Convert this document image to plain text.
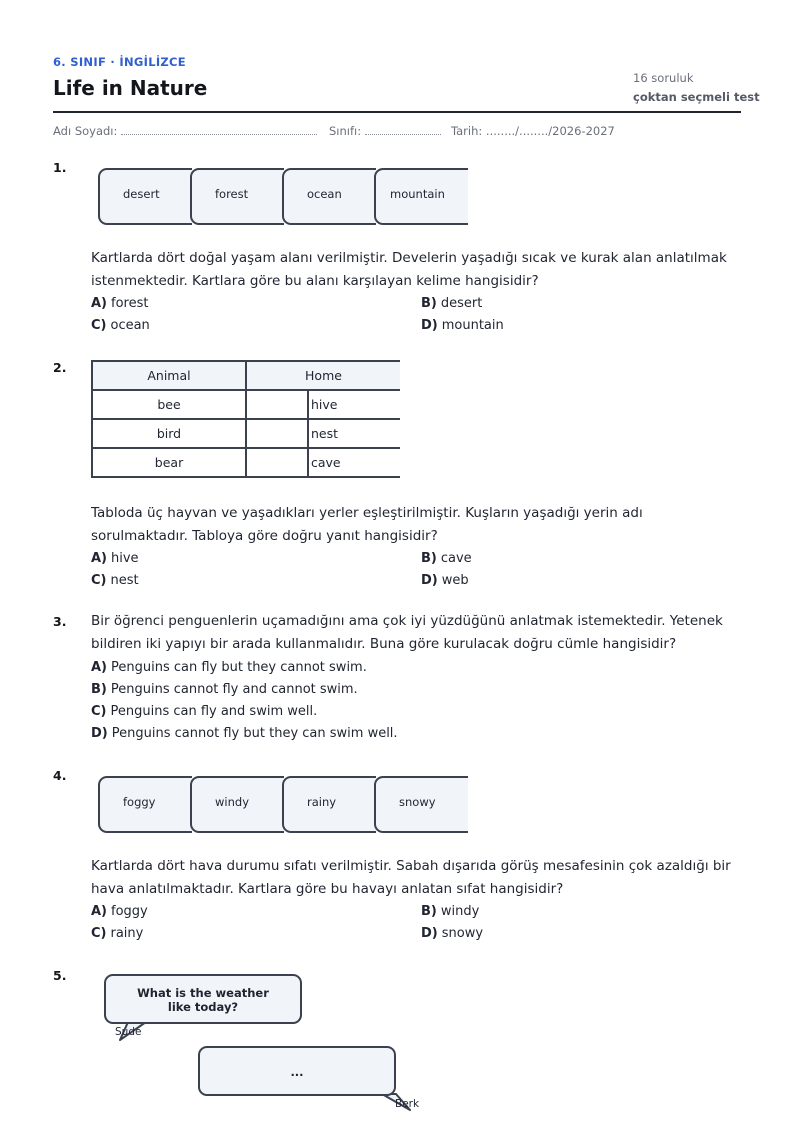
6. SINIF · İNGİLİZCE
Life in Nature	16 soruluk
çoktan seçmeli test
Adı Soyadı:	Sınıfı:	Tarih: ......../......../2026-2027
1.
desert	forest	ocean	mountain
Kartlarda dört doğal yaşam alanı verilmiştir. Develerin yaşadığı sıcak ve kurak alan anlatılmak istenmektedir. Kartlara göre bu alanı karşılayan kelime hangisidir?
A) forest	B) desert
C) ocean	D) mountain
2.
Animal	Home	
bee		hive
bird		nest
bear		cave
Tabloda üç hayvan ve yaşadıkları yerler eşleştirilmiştir. Kuşların yaşadığı yerin adı sorulmaktadır. Tabloya göre doğru yanıt hangisidir?
A) hive	B) cave
C) nest	D) web
3. Bir öğrenci penguenlerin uçamadığını ama çok iyi yüzdüğünü anlatmak istemektedir. Yetenek bildiren iki yapıyı bir arada kullanmalıdır. Buna göre kurulacak doğru cümle hangisidir?
A) Penguins can fly but they cannot swim.
B) Penguins cannot fly and cannot swim.
C) Penguins can fly and swim well.
D) Penguins cannot fly but they can swim well.
4.
foggy	windy	rainy	snowy
Kartlarda dört hava durumu sıfatı verilmiştir. Sabah dışarıda görüş mesafesinin çok azaldığı bir hava anlatılmaktadır. Kartlara göre bu havayı anlatan sıfat hangisidir?
A) foggy	B) windy
C) rainy	D) snowy
5.
What is the weather like today?
Sude
...
Berk
